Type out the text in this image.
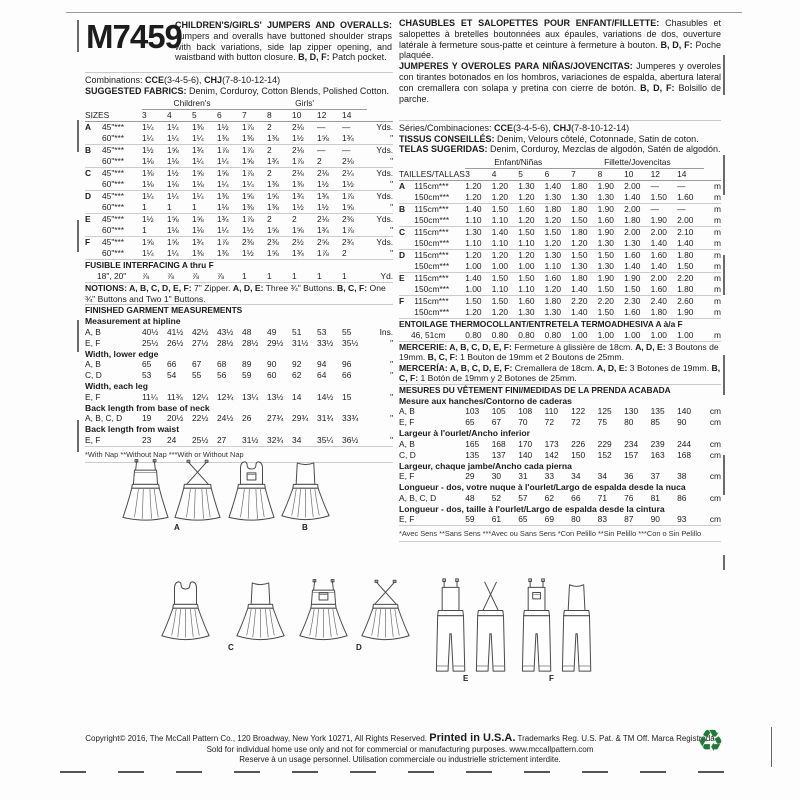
M7459
CHILDREN'S/GIRLS' JUMPERS AND OVERALLS: Jumpers and overalls have buttoned shoulder straps with back variations, side lap zipper opening, and waistband with button closure. B, D, F: Patch pocket.

CHASUBLES ET SALOPETTES POUR ENFANT/FILLETTE: Chasubles et salopettes à bretelles boutonnées aux épaules, variations de dos, ouverture latérale à fermeture sous-patte et ceinture à fermeture à bouton. B, D, F: Poche plaquée.

JUMPERES Y OVEROLES PARA NIÑAS/JOVENCITAS: Jumperes y overoles con tirantes botonados en los hombros, variaciones de espalda, abertura lateral con cremallera con solapa y pretina con cierre de botón. B, D, F: Bolsillo de parche.

Combinations: CCE(3-4-5-6), CHJ(7-8-10-12-14)
SUGGESTED FABRICS: Denim, Corduroy, Cotton Blends, Polished Cotton.
		Children's				Girls'					
SIZES		3	4	5	6	7	8	10	12	14	
A	45"***	1¼	1¼	1⅜	1½	1⅞	2	2⅛	—	—	Yds.
	60"***	1¼	1¼	1¼	1⅜	1⅜	1⅜	1½	1⅝	1¾	"
B	45"***	1½	1⅝	1¾	1⅞	1⅞	2	2⅛	—	—	Yds.
	60"***	1⅛	1⅛	1¼	1¼	1⅝	1¾	1⅞	2	2⅛	"
C	45"***	1⅜	1½	1⅝	1⅝	1⅞	2	2⅛	2⅛	2¼	Yds.
	60"***	1⅛	1⅛	1⅛	1¼	1¼	1⅜	1⅜	1½	1½	"
D	45"***	1¼	1¼	1¼	1⅜	1⅝	1⅝	1¾	1¾	1⅞	Yds.
	60"***	1	1	1	1⅛	1⅜	1⅜	1½	1½	1⅝	"
E	45"***	1½	1⅝	1⅝	1¾	1⅞	2	2	2⅛	2⅜	Yds.
	60"***	1	1⅛	1⅛	1¼	1½	1⅝	1⅝	1¾	1⅞	"
F	45"***	1⅝	1⅝	1¾	1⅞	2⅜	2⅜	2½	2⅝	2¾	Yds.
	60"***	1¼	1¼	1⅜	1⅜	1½	1⅝	1¾	1⅞	2	"
FUSIBLE INTERFACING A thru F											
18", 20"		⅞	⅞	⅞	⅞	1	1	1	1	1	Yd.
NOTIONS: A, B, C, D, E, F: 7" Zipper. A, D, E: Three ¾" Buttons. B, C, F: One ¾" Buttons and Two 1" Buttons.											
FINISHED GARMENT MEASUREMENTS											
Measurement at hipline											
A, B		40½	41½	42½	43½	48	49	51	53	55	Ins.
E, F		25½	26½	27½	28½	28½	29½	31½	33½	35½	"
Width, lower edge											
A, B		65	66	67	68	89	90	92	94	96	"
C, D		53	54	55	56	59	60	62	64	66	"
Width, each leg											
E, F		11¼	11¾	12¼	12¾	13¼	13½	14	14½	15	"
Back length from base of neck											
A, B, C, D		19	20½	22½	24½	26	27¾	29¾	31¾	33¾	"
Back length from waist											
E, F		23	24	25½	27	31½	32¾	34	35¼	36½	"
*With Nap **Without Nap ***With or Without Nap											
Séries/Combinaciones: CCE(3-4-5-6), CHJ(7-8-10-12-14)
TISSUS CONSEILLÉS: Denim, Velours côtelé, Cotonnade, Satin de coton.
TELAS SUGERIDAS: Denim, Corduroy, Mezclas de algodón, Satén de algodón.
		Enfant/Niñas				Fillette/Jovencitas					
TAILLES/TALLAS		3	4	5	6	7	8	10	12	14	
A	115cm***	1.20	1.20	1.30	1.40	1.80	1.90	2.00	—	—	m
	150cm***	1.20	1.20	1.20	1.30	1.30	1.30	1.40	1.50	1.60	m
B	115cm***	1.40	1.50	1.60	1.80	1.80	1.90	2.00	—	—	m
	150cm***	1.10	1.10	1.20	1.20	1.50	1.60	1.80	1.90	2.00	m
C	115cm***	1.30	1.40	1.50	1.50	1.80	1.90	2.00	2.00	2.10	m
	150cm***	1.10	1.10	1.10	1.20	1.20	1.30	1.30	1.40	1.40	m
D	115cm***	1.20	1.20	1.20	1.30	1.50	1.50	1.60	1.60	1.80	m
	150cm***	1.00	1.00	1.00	1.10	1.30	1.30	1.40	1.40	1.50	m
E	115cm***	1.40	1.50	1.50	1.60	1.80	1.90	1.90	2.00	2.20	m
	150cm***	1.00	1.10	1.10	1.20	1.40	1.50	1.50	1.60	1.80	m
F	115cm***	1.50	1.50	1.60	1.80	2.20	2.20	2.30	2.40	2.60	m
	150cm***	1.20	1.20	1.30	1.30	1.40	1.50	1.60	1.80	1.90	m
ENTOILAGE THERMOCOLLANT/ENTRETELA TERMOADHESIVA A à/a F											
46, 51cm		0.80	0.80	0.80	0.80	1.00	1.00	1.00	1.00	1.00	m
MERCERIE: A, B, C, D, E, F: Fermeture à glissière de 18cm. A, D, E: 3 Boutons de 19mm. B, C, F: 1 Bouton de 19mm et 2 Boutons de 25mm.											
MERCERÍA: A, B, C, D, E, F: Cremallera de 18cm. A, D, E: 3 Botones de 19mm. B, C, F: 1 Botón de 19mm y 2 Botones de 25mm.											
MESURES DU VÊTEMENT FINI/MEDIDAS DE LA PRENDA ACABADA											
Mesure aux hanches/Contorno de caderas											
A, B		103	105	108	110	122	125	130	135	140	cm
E, F		65	67	70	72	72	75	80	85	90	cm
Largeur à l'ourlet/Ancho inferior											
A, B		165	168	170	173	226	229	234	239	244	cm
C, D		135	137	140	142	150	152	157	163	168	cm
Largeur, chaque jambe/Ancho cada pierna											
E, F		29	30	31	33	34	34	36	37	38	cm
Longueur - dos, votre nuque à l'ourlet/Largo de espalda desde la nuca											
A, B, C, D		48	52	57	62	66	71	76	81	86	cm
Longueur - dos, taille à l'ourlet/Largo de espalda desde la cintura											
E, F		59	61	65	69	80	83	87	90	93	cm
*Avec Sens **Sans Sens ***Avec ou Sans Sens *Con Pelillo **Sin Pelillo ***Con o Sin Pelillo											
A	B
C	D
E	F
Copyright© 2016, The McCall Pattern Co., 120 Broadway, New York 10271, All Rights Reserved. Printed in U.S.A. Trademarks Reg. U.S. Pat. & TM Off. Marca Registrada
Sold for individual home use only and not for commercial or manufacturing purposes. www.mccallpattern.com
Reserve à un usage personnel. Utilisation commerciale ou industrielle strictement interdite.
♻
